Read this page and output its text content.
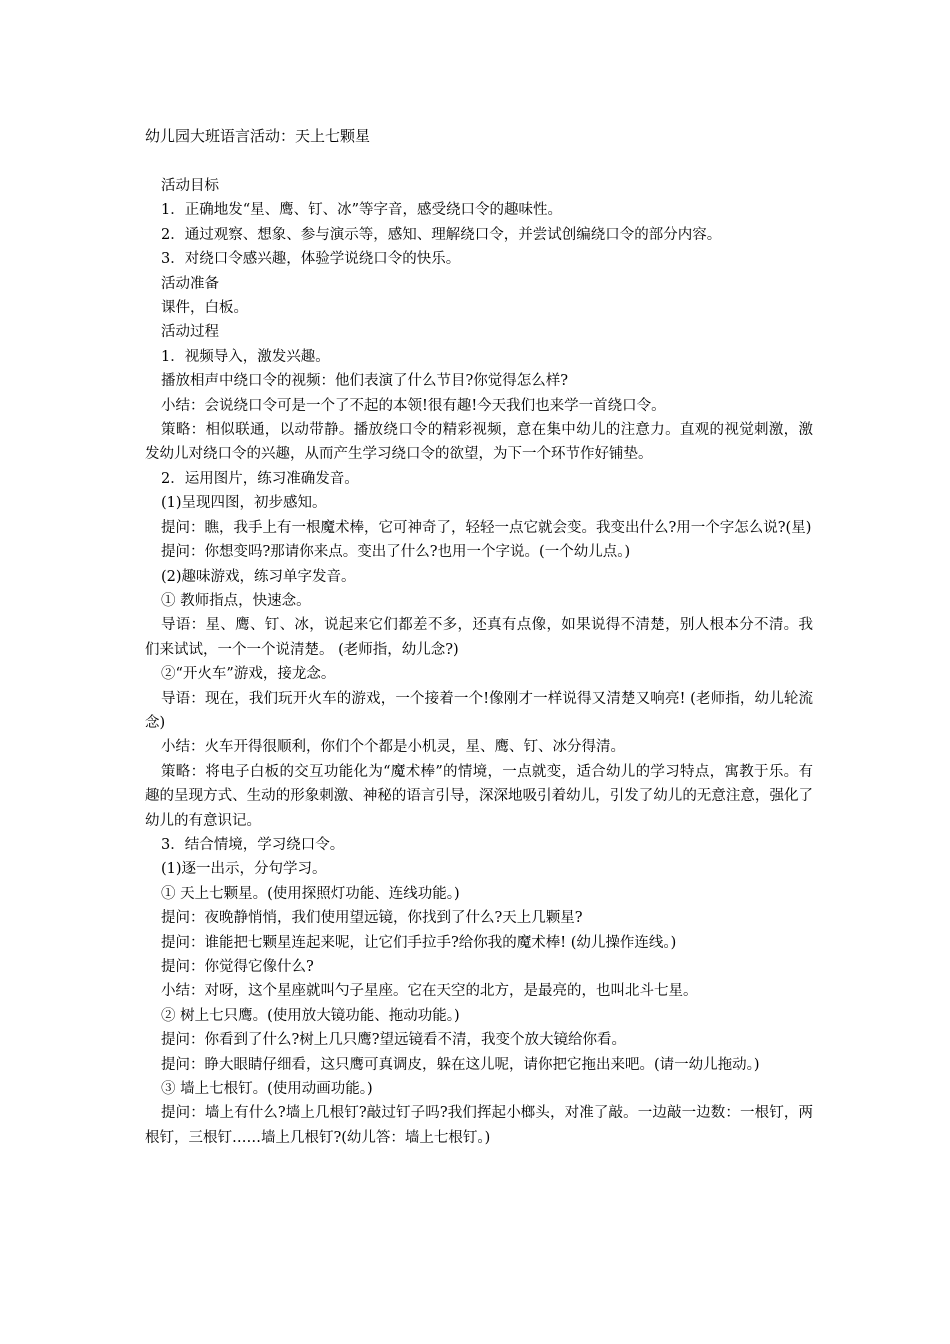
幼儿园大班语言活动：天上七颗星

活动目标

1．正确地发“星、鹰、钉、冰”等字音，感受绕口令的趣味性。

2．通过观察、想象、参与演示等，感知、理解绕口令，并尝试创编绕口令的部分内容。

3．对绕口令感兴趣，体验学说绕口令的快乐。

活动准备

课件，白板。

活动过程

1．视频导入，激发兴趣。

播放相声中绕口令的视频：他们表演了什么节目?你觉得怎么样?

小结：会说绕口令可是一个了不起的本领!很有趣!今天我们也来学一首绕口令。

策略：相似联通，以动带静。播放绕口令的精彩视频，意在集中幼儿的注意力。直观的视觉刺激，激发幼儿对绕口令的兴趣，从而产生学习绕口令的欲望，为下一个环节作好铺垫。

2．运用图片，练习准确发音。

(1)呈现四图，初步感知。

提问：瞧，我手上有一根魔术棒，它可神奇了，轻轻一点它就会变。我变出什么?用一个字怎么说?(星)

提问：你想变吗?那请你来点。变出了什么?也用一个字说。(一个幼儿点。)

(2)趣味游戏，练习单字发音。

① 教师指点，快速念。

导语：星、鹰、钉、冰，说起来它们都差不多，还真有点像，如果说得不清楚，别人根本分不清。我们来试试，一个一个说清楚。 (老师指，幼儿念?)

②“开火车”游戏，接龙念。

导语：现在，我们玩开火车的游戏，一个接着一个!像刚才一样说得又清楚又响亮! (老师指，幼儿轮流念)

小结：火车开得很顺利，你们个个都是小机灵，星、鹰、钉、冰分得清。

策略：将电子白板的交互功能化为“魔术棒”的情境，一点就变，适合幼儿的学习特点，寓教于乐。有趣的呈现方式、生动的形象刺激、神秘的语言引导，深深地吸引着幼儿，引发了幼儿的无意注意，强化了幼儿的有意识记。

3．结合情境，学习绕口令。

(1)逐一出示，分句学习。

① 天上七颗星。(使用探照灯功能、连线功能。)

提问：夜晚静悄悄，我们使用望远镜，你找到了什么?天上几颗星?

提问：谁能把七颗星连起来呢，让它们手拉手?给你我的魔术棒! (幼儿操作连线。)

提问：你觉得它像什么?

小结：对呀，这个星座就叫勺子星座。它在天空的北方，是最亮的，也叫北斗七星。

② 树上七只鹰。(使用放大镜功能、拖动功能。)

提问：你看到了什么?树上几只鹰?望远镜看不清，我变个放大镜给你看。

提问：睁大眼睛仔细看，这只鹰可真调皮，躲在这儿呢，请你把它拖出来吧。(请一幼儿拖动。)

③ 墙上七根钉。(使用动画功能。)

提问：墙上有什么?墙上几根钉?敲过钉子吗?我们挥起小榔头，对准了敲。一边敲一边数：一根钉，两根钉，三根钉……墙上几根钉?(幼儿答：墙上七根钉。)
